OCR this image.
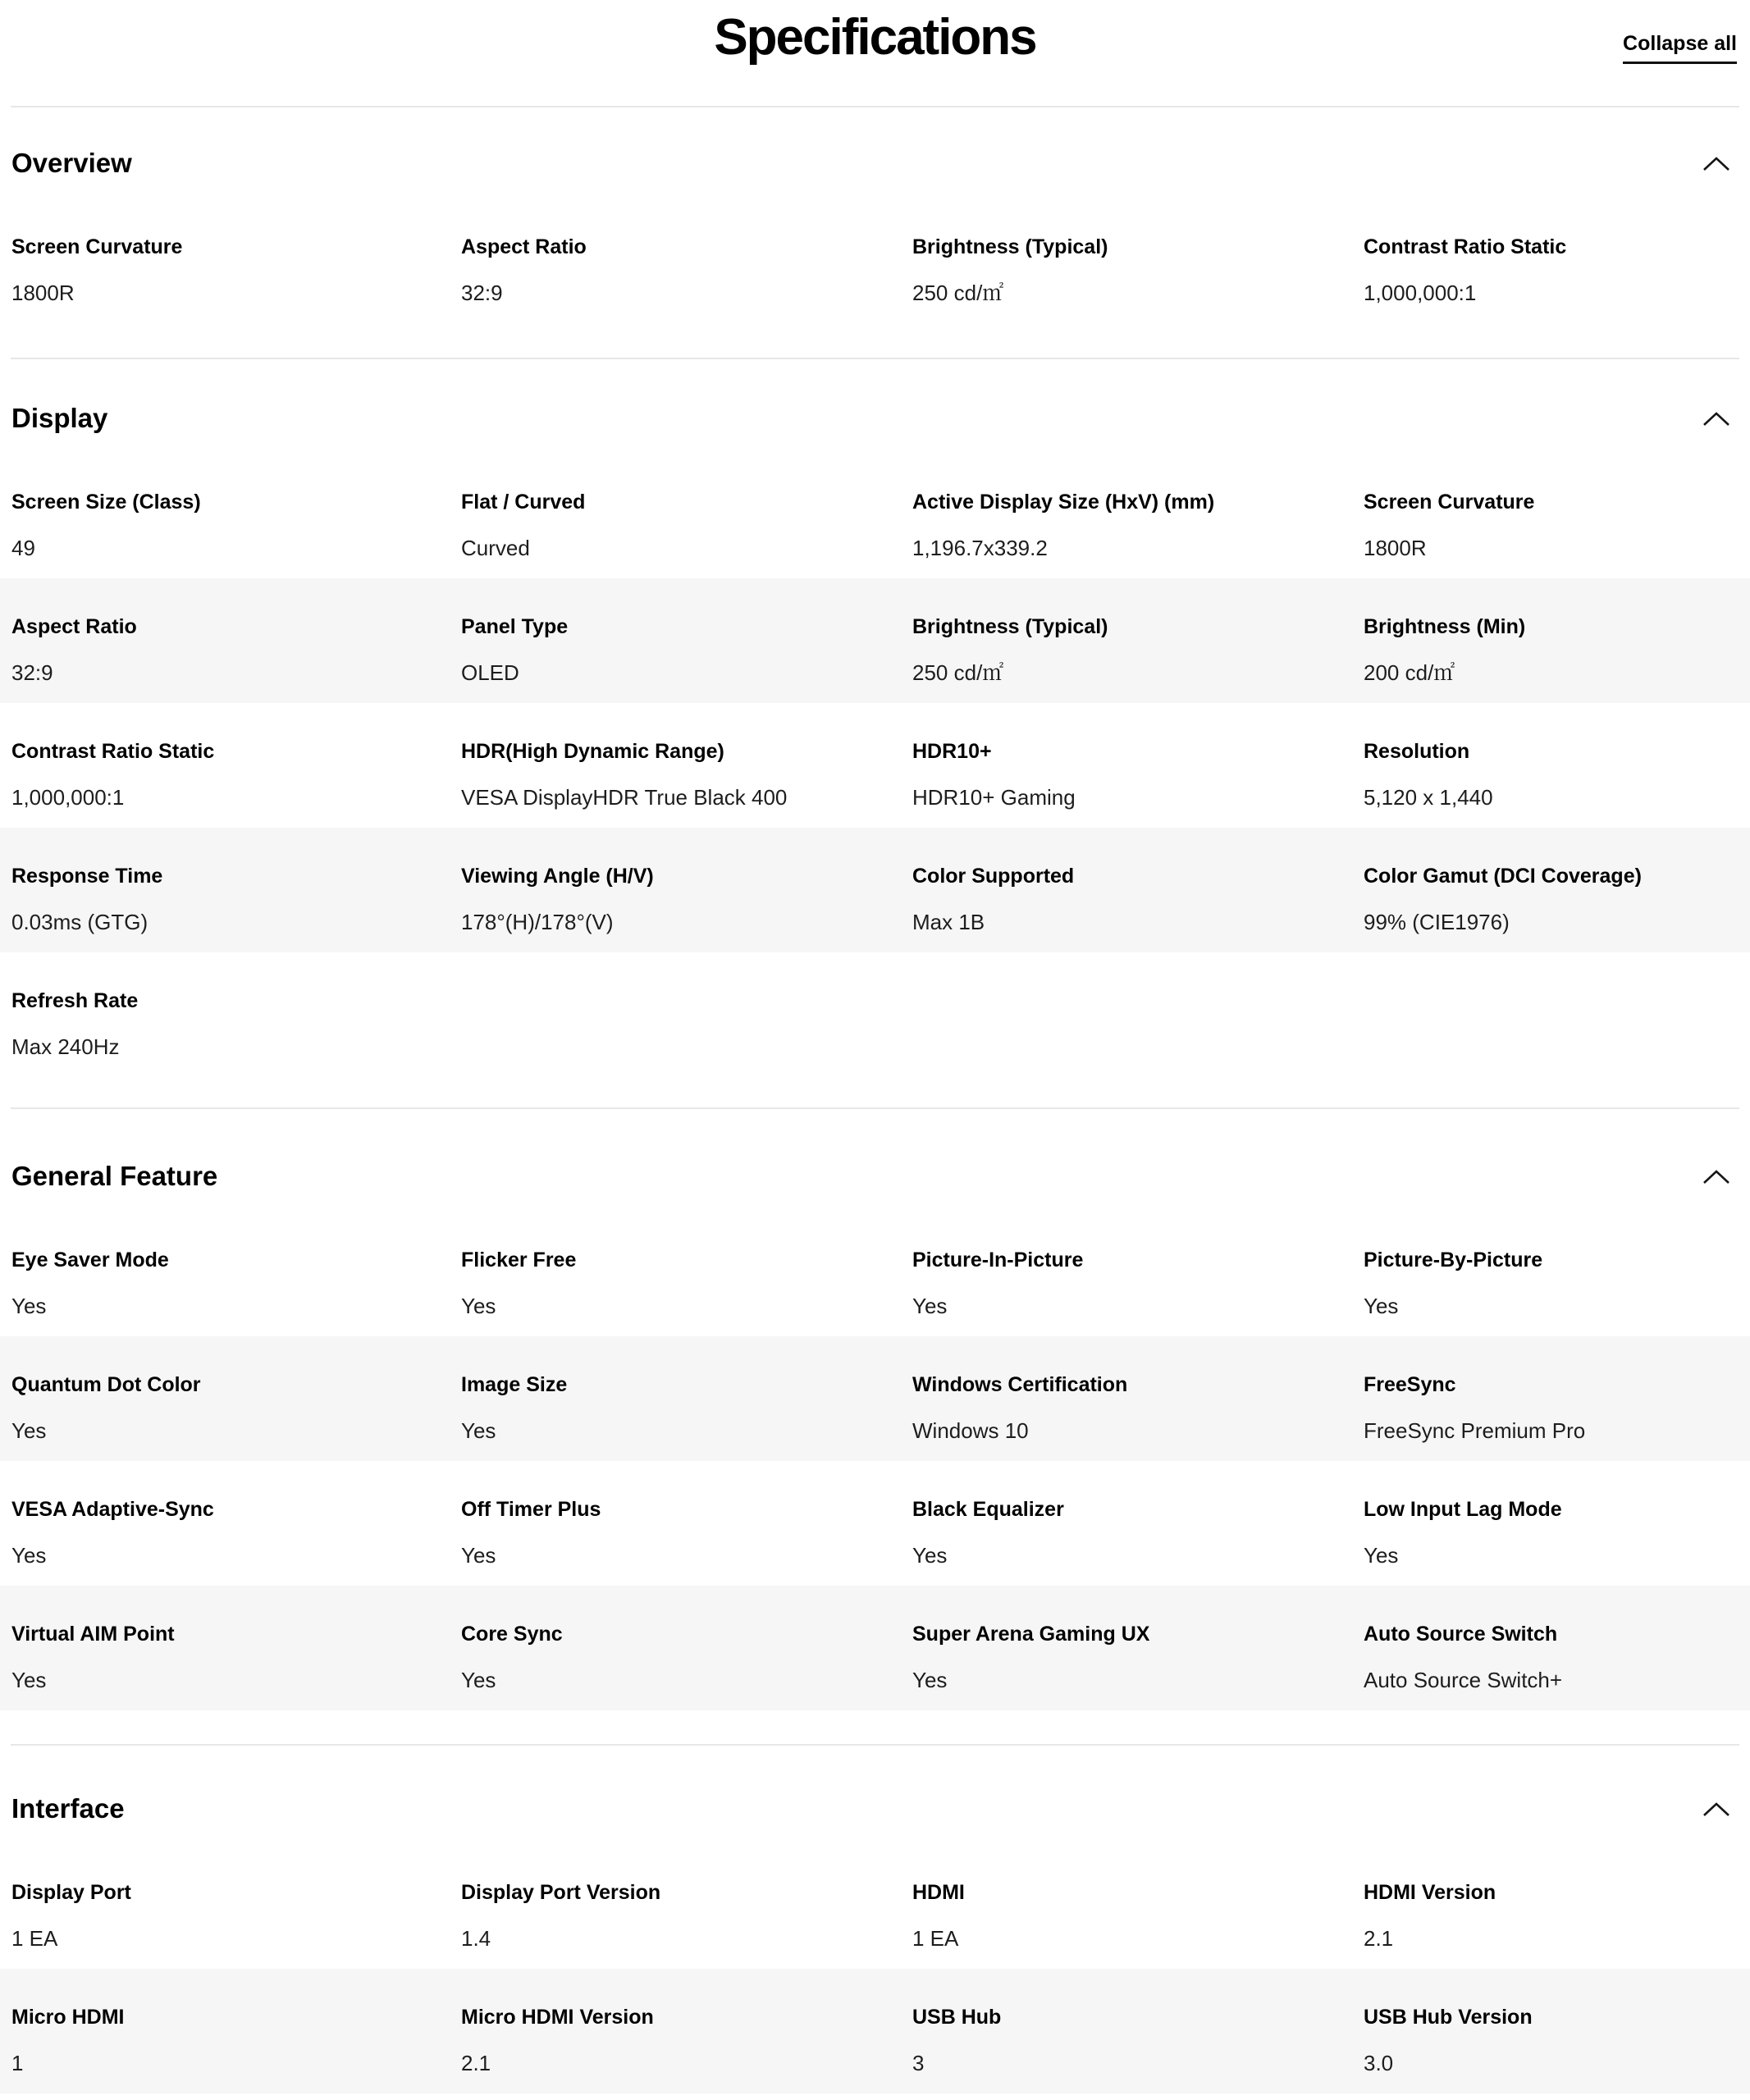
Specifications	Collapse all
Overview
Screen Curvature
1800R
Aspect Ratio
32:9
Brightness (Typical)
250 cd/㎡
Contrast Ratio Static
1,000,000:1
Display
Screen Size (Class)
49
Flat / Curved
Curved
Active Display Size (HxV) (mm)
1,196.7x339.2
Screen Curvature
1800R
Aspect Ratio
32:9
Panel Type
OLED
Brightness (Typical)
250 cd/㎡
Brightness (Min)
200 cd/㎡
Contrast Ratio Static
1,000,000:1
HDR(High Dynamic Range)
VESA DisplayHDR True Black 400
HDR10+
HDR10+ Gaming
Resolution
5,120 x 1,440
Response Time
0.03ms (GTG)
Viewing Angle (H/V)
178°(H)/178°(V)
Color Supported
Max 1B
Color Gamut (DCI Coverage)
99% (CIE1976)
Refresh Rate
Max 240Hz
General Feature
Eye Saver Mode
Yes
Flicker Free
Yes
Picture-In-Picture
Yes
Picture-By-Picture
Yes
Quantum Dot Color
Yes
Image Size
Yes
Windows Certification
Windows 10
FreeSync
FreeSync Premium Pro
VESA Adaptive-Sync
Yes
Off Timer Plus
Yes
Black Equalizer
Yes
Low Input Lag Mode
Yes
Virtual AIM Point
Yes
Core Sync
Yes
Super Arena Gaming UX
Yes
Auto Source Switch
Auto Source Switch+
Interface
Display Port
1 EA
Display Port Version
1.4
HDMI
1 EA
HDMI Version
2.1
Micro HDMI
1
Micro HDMI Version
2.1
USB Hub
3
USB Hub Version
3.0
